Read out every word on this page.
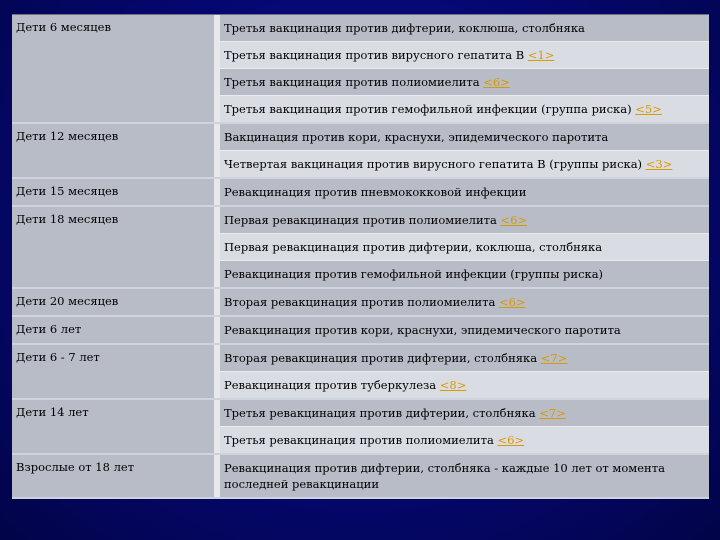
Дети 6 месяцев	Третья вакцинация против дифтерии, коклюша, столбняка
Третья вакцинация против вирусного гепатита В <1>
Третья вакцинация против полиомиелита <6>
Третья вакцинация против гемофильной инфекции (группа риска) <5>
Дети 12 месяцев	Вакцинация против кори, краснухи, эпидемического паротита
Четвертая вакцинация против вирусного гепатита В (группы риска) <3>
Дети 15 месяцев	Ревакцинация против пневмококковой инфекции
Дети 18 месяцев	Первая ревакцинация против полиомиелита <6>
Первая ревакцинация против дифтерии, коклюша, столбняка
Ревакцинация против гемофильной инфекции (группы риска)
Дети 20 месяцев	Вторая ревакцинация против полиомиелита <6>
Дети 6 лет	Ревакцинация против кори, краснухи, эпидемического паротита
Дети 6 - 7 лет	Вторая ревакцинация против дифтерии, столбняка <7>
Ревакцинация против туберкулеза <8>
Дети 14 лет	Третья ревакцинация против дифтерии, столбняка <7>
Третья ревакцинация против полиомиелита <6>
Взрослые от 18 лет	Ревакцинация против дифтерии, столбняка - каждые 10 лет от момента последней ревакцинации
